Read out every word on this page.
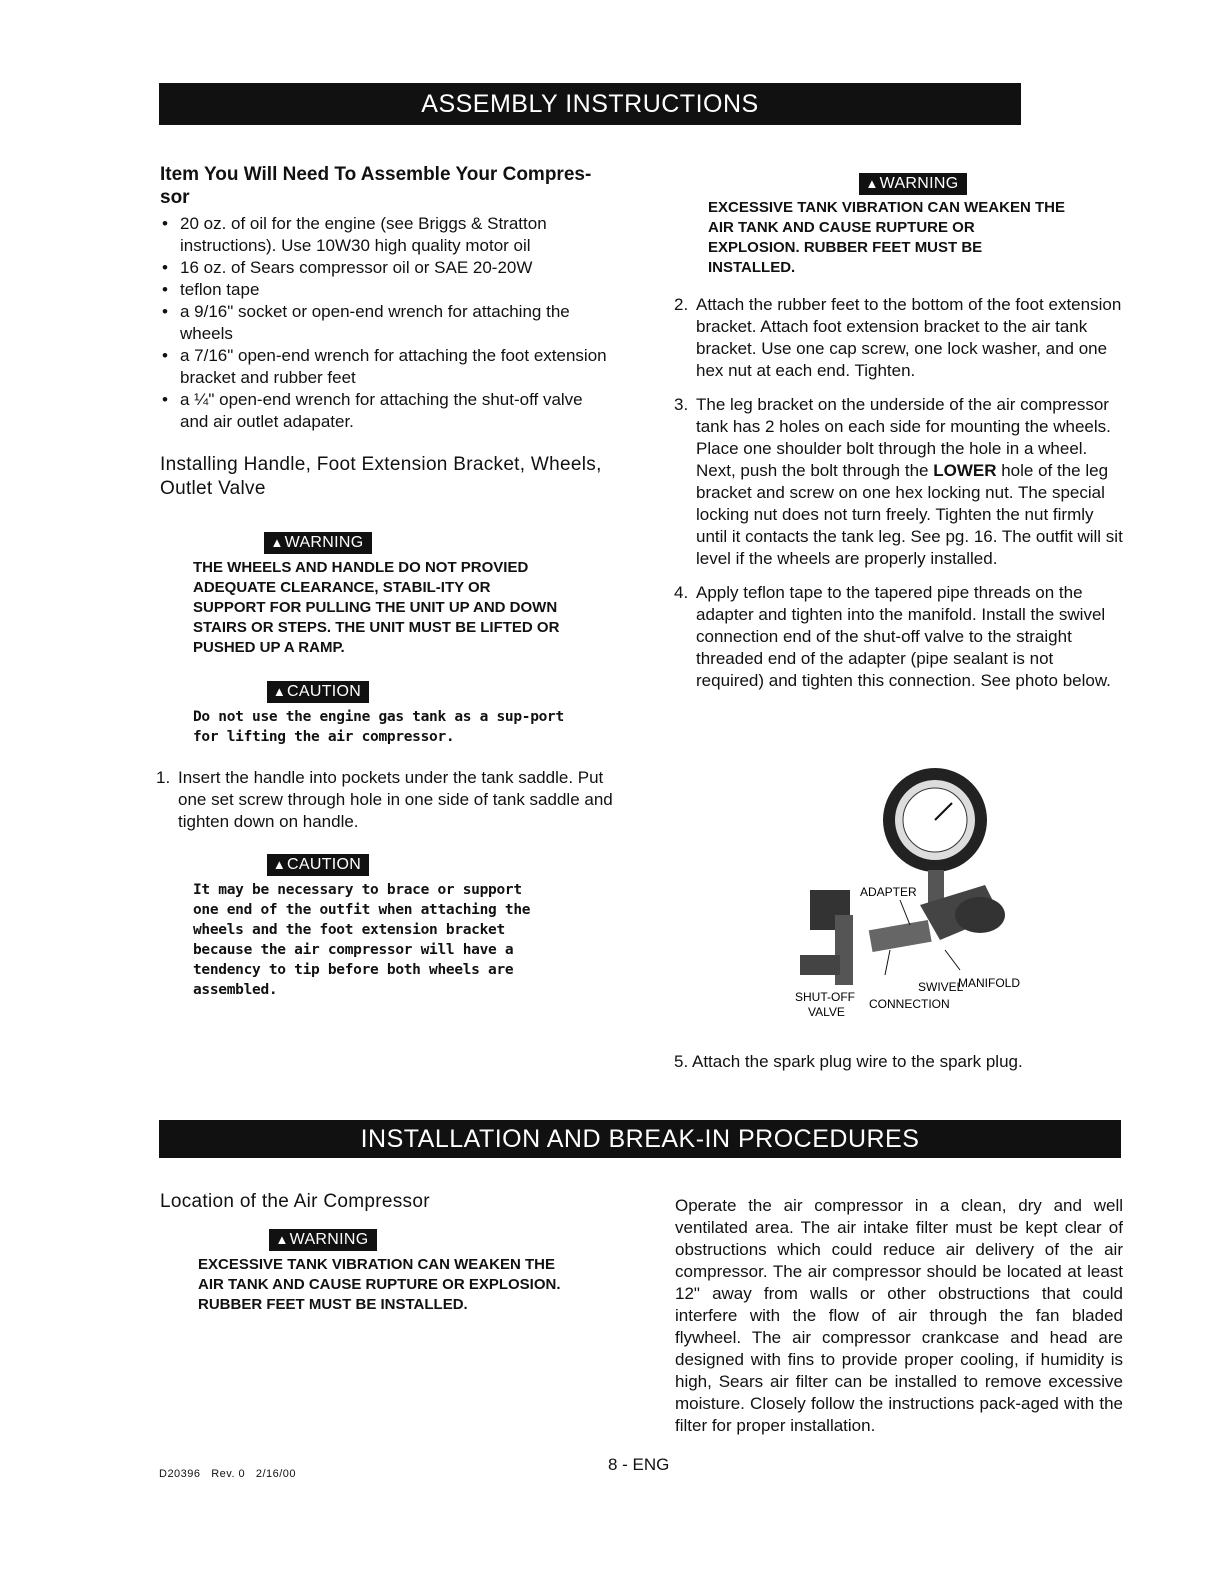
ASSEMBLY INSTRUCTIONS
Item You Will Need To Assemble Your Compres-
sor
• 20 oz. of oil for the engine (see Briggs & Stratton instructions). Use 10W30 high quality motor oil
• 16 oz. of Sears compressor oil or SAE 20-20W
• teflon tape
• a 9/16" socket or open-end wrench for attaching the wheels
• a 7/16" open-end wrench for attaching the foot extension bracket and rubber feet
• a ¼" open-end wrench for attaching the shut-off valve and air outlet adapater.
Installing Handle, Foot Extension Bracket, Wheels, Outlet Valve
▲WARNING
THE WHEELS AND HANDLE DO NOT PROVIED ADEQUATE CLEARANCE, STABIL-ITY OR SUPPORT FOR PULLING THE UNIT UP AND DOWN STAIRS OR STEPS. THE UNIT MUST BE LIFTED OR PUSHED UP A RAMP.
▲CAUTION
Do not use the engine gas tank as a sup-port for lifting the air compressor.
1. Insert the handle into pockets under the tank saddle. Put one set screw through hole in one side of tank saddle and tighten down on handle.
▲CAUTION
It may be necessary to brace or support one end of the outfit when attaching the wheels and the foot extension bracket because the air compressor will have a tendency to tip before both wheels are assembled.
▲WARNING
EXCESSIVE TANK VIBRATION CAN WEAKEN THE AIR TANK AND CAUSE RUPTURE OR EXPLOSION. RUBBER FEET MUST BE INSTALLED.
2. Attach the rubber feet to the bottom of the foot extension bracket. Attach foot extension bracket to the air tank bracket. Use one cap screw, one lock washer, and one hex nut at each end. Tighten.
3. The leg bracket on the underside of the air compressor tank has 2 holes on each side for mounting the wheels. Place one shoulder bolt through the hole in a wheel. Next, push the bolt through the LOWER hole of the leg bracket and screw on one hex locking nut. The special locking nut does not turn freely. Tighten the nut firmly until it contacts the tank leg. See pg. 16. The outfit will sit level if the wheels are properly installed.
4. Apply teflon tape to the tapered pipe threads on the adapter and tighten into the manifold. Install the swivel connection end of the shut-off valve to the straight threaded end of the adapter (pipe sealant is not required) and tighten this connection. See photo below.
ADAPTER
SWIVEL
MANIFOLD
SHUT-OFF
VALVE
CONNECTION
5. Attach the spark plug wire to the spark plug.
INSTALLATION AND BREAK-IN PROCEDURES
Location of the Air Compressor
▲WARNING
EXCESSIVE TANK VIBRATION CAN WEAKEN THE AIR TANK AND CAUSE RUPTURE OR EXPLOSION. RUBBER FEET MUST BE INSTALLED.
Operate the air compressor in a clean, dry and well ventilated area. The air intake filter must be kept clear of obstructions which could reduce air delivery of the air compressor. The air compressor should be located at least 12" away from walls or other obstructions that could interfere with the flow of air through the fan bladed flywheel. The air compressor crankcase and head are designed with fins to provide proper cooling, if humidity is high, Sears air filter can be installed to remove excessive moisture. Closely follow the instructions pack-aged with the filter for proper installation.
D20396   Rev. 0   2/16/00	8 - ENG
